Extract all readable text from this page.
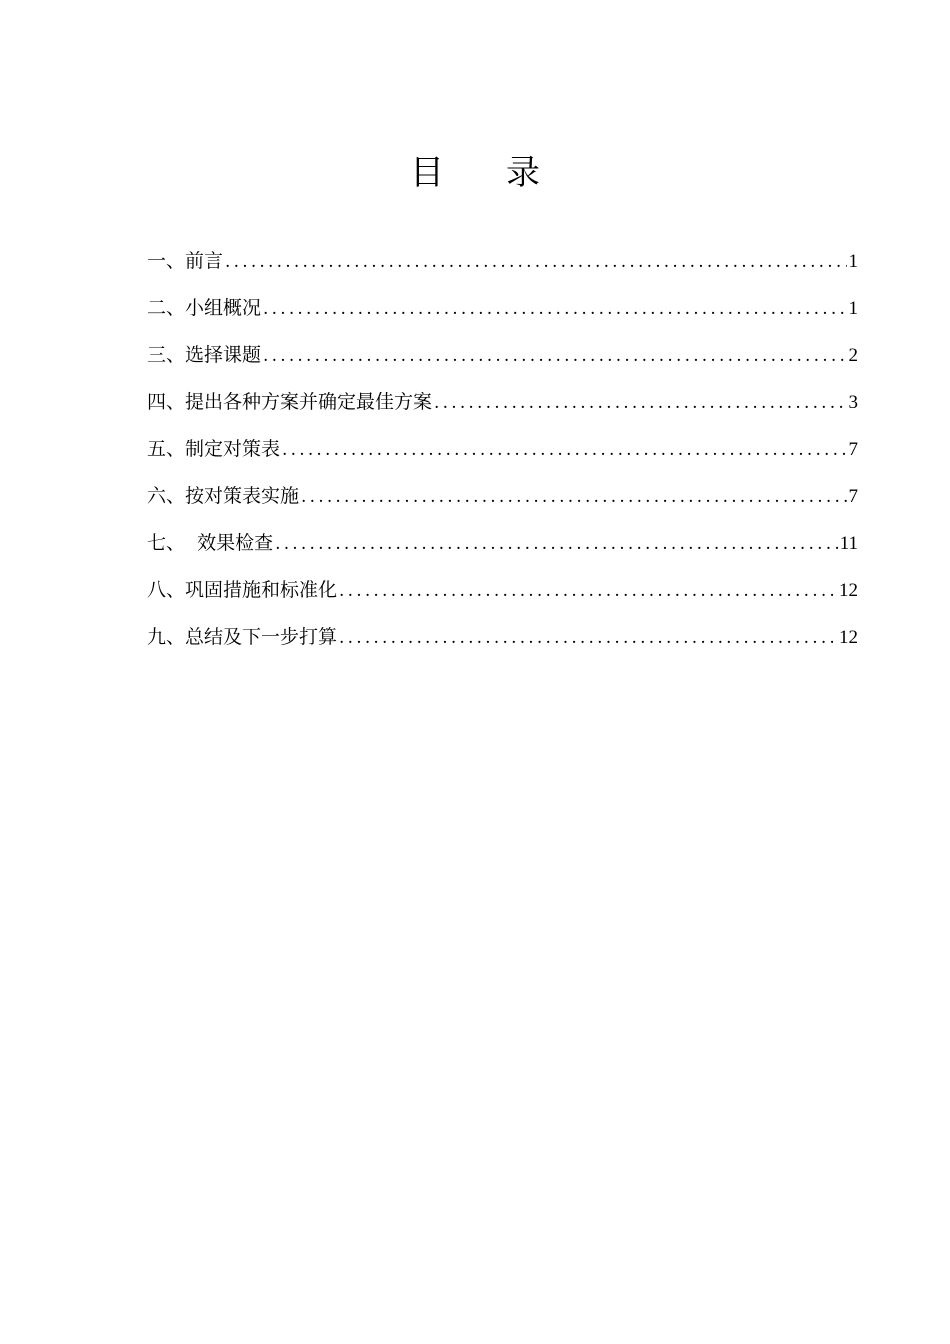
目录
一、前言 .....	1
二、小组概况 .....	1
三、选择课题 .....	2
四、提出各种方案并确定最佳方案 .....	3
五、制定对策表 .....	7
六、按对策表实施 .....	7
七、  效果检查 .....	11
八、巩固措施和标准化 .....	12
九、总结及下一步打算 .....	12
